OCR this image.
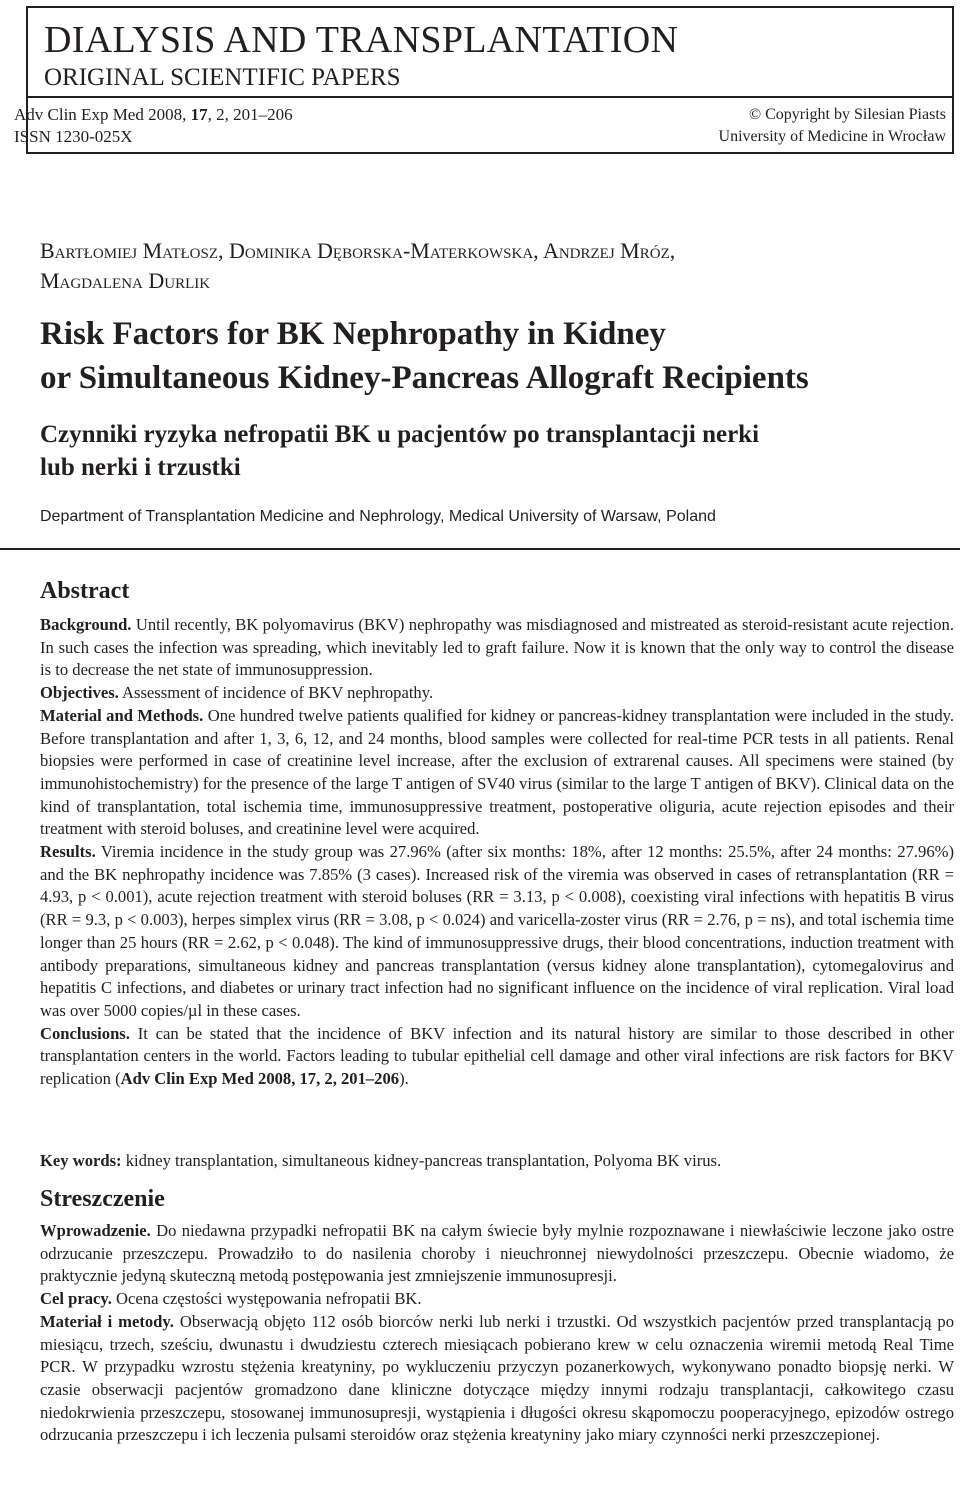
DIALYSIS AND TRANSPLANTATION
ORIGINAL SCIENTIFIC PAPERS
Adv Clin Exp Med 2008, 17, 2, 201–206
ISSN 1230-025X
© Copyright by Silesian Piasts
University of Medicine in Wrocław
Bartłomiej Matłosz, Dominika Dęborska-Materkowska, Andrzej Mróz,
Magdalena Durlik
Risk Factors for BK Nephropathy in Kidney
or Simultaneous Kidney-Pancreas Allograft Recipients
Czynniki ryzyka nefropatii BK u pacjentów po transplantacji nerki
lub nerki i trzustki
Department of Transplantation Medicine and Nephrology, Medical University of Warsaw, Poland
Abstract

Background. Until recently, BK polyomavirus (BKV) nephropathy was misdiagnosed and mistreated as steroid-resistant acute rejection. In such cases the infection was spreading, which inevitably led to graft failure. Now it is known that the only way to control the disease is to decrease the net state of immunosuppression.

Objectives. Assessment of incidence of BKV nephropathy.

Material and Methods. One hundred twelve patients qualified for kidney or pancreas-kidney transplantation were included in the study. Before transplantation and after 1, 3, 6, 12, and 24 months, blood samples were collected for real-time PCR tests in all patients. Renal biopsies were performed in case of creatinine level increase, after the exclusion of extrarenal causes. All specimens were stained (by immunohistochemistry) for the presence of the large T antigen of SV40 virus (similar to the large T antigen of BKV). Clinical data on the kind of transplantation, total ischemia time, immunosuppressive treatment, postoperative oliguria, acute rejection episodes and their treatment with steroid boluses, and creatinine level were acquired.

Results. Viremia incidence in the study group was 27.96% (after six months: 18%, after 12 months: 25.5%, after 24 months: 27.96%) and the BK nephropathy incidence was 7.85% (3 cases). Increased risk of the viremia was observed in cases of retransplantation (RR = 4.93, p < 0.001), acute rejection treatment with steroid boluses (RR = 3.13, p < 0.008), coexisting viral infections with hepatitis B virus (RR = 9.3, p < 0.003), herpes simplex virus (RR = 3.08, p < 0.024) and varicella-zoster virus (RR = 2.76, p = ns), and total ischemia time longer than 25 hours (RR = 2.62, p < 0.048). The kind of immunosuppressive drugs, their blood concentrations, induction treatment with antibody preparations, simultaneous kidney and pancreas transplantation (versus kidney alone transplantation), cytomegalovirus and hepatitis C infections, and diabetes or urinary tract infection had no significant influence on the incidence of viral replication. Viral load was over 5000 copies/µl in these cases.

Conclusions. It can be stated that the incidence of BKV infection and its natural history are similar to those described in other transplantation centers in the world. Factors leading to tubular epithelial cell damage and other viral infections are risk factors for BKV replication (Adv Clin Exp Med 2008, 17, 2, 201–206).

Key words: kidney transplantation, simultaneous kidney-pancreas transplantation, Polyoma BK virus.
Streszczenie

Wprowadzenie. Do niedawna przypadki nefropatii BK na całym świecie były mylnie rozpoznawane i niewłaściwie leczone jako ostre odrzucanie przeszczepu. Prowadziło to do nasilenia choroby i nieuchronnej niewydolności przeszczepu. Obecnie wiadomo, że praktycznie jedyną skuteczną metodą postępowania jest zmniejszenie immunosupresji.

Cel pracy. Ocena częstości występowania nefropatii BK.

Materiał i metody. Obserwacją objęto 112 osób biorców nerki lub nerki i trzustki. Od wszystkich pacjentów przed transplantacją po miesiącu, trzech, sześciu, dwunastu i dwudziestu czterech miesiącach pobierano krew w celu oznaczenia wiremii metodą Real Time PCR. W przypadku wzrostu stężenia kreatyniny, po wykluczeniu przyczyn pozanerkowych, wykonywano ponadto biopsję nerki. W czasie obserwacji pacjentów gromadzono dane kliniczne dotyczące między innymi rodzaju transplantacji, całkowitego czasu niedokrwienia przeszczepu, stosowanej immunosupresji, wystąpienia i długości okresu skąpomoczu pooperacyjnego, epizodów ostrego odrzucania przeszczepu i ich leczenia pulsami steroidów oraz stężenia kreatyniny jako miary czynności nerki przeszczepionej.
